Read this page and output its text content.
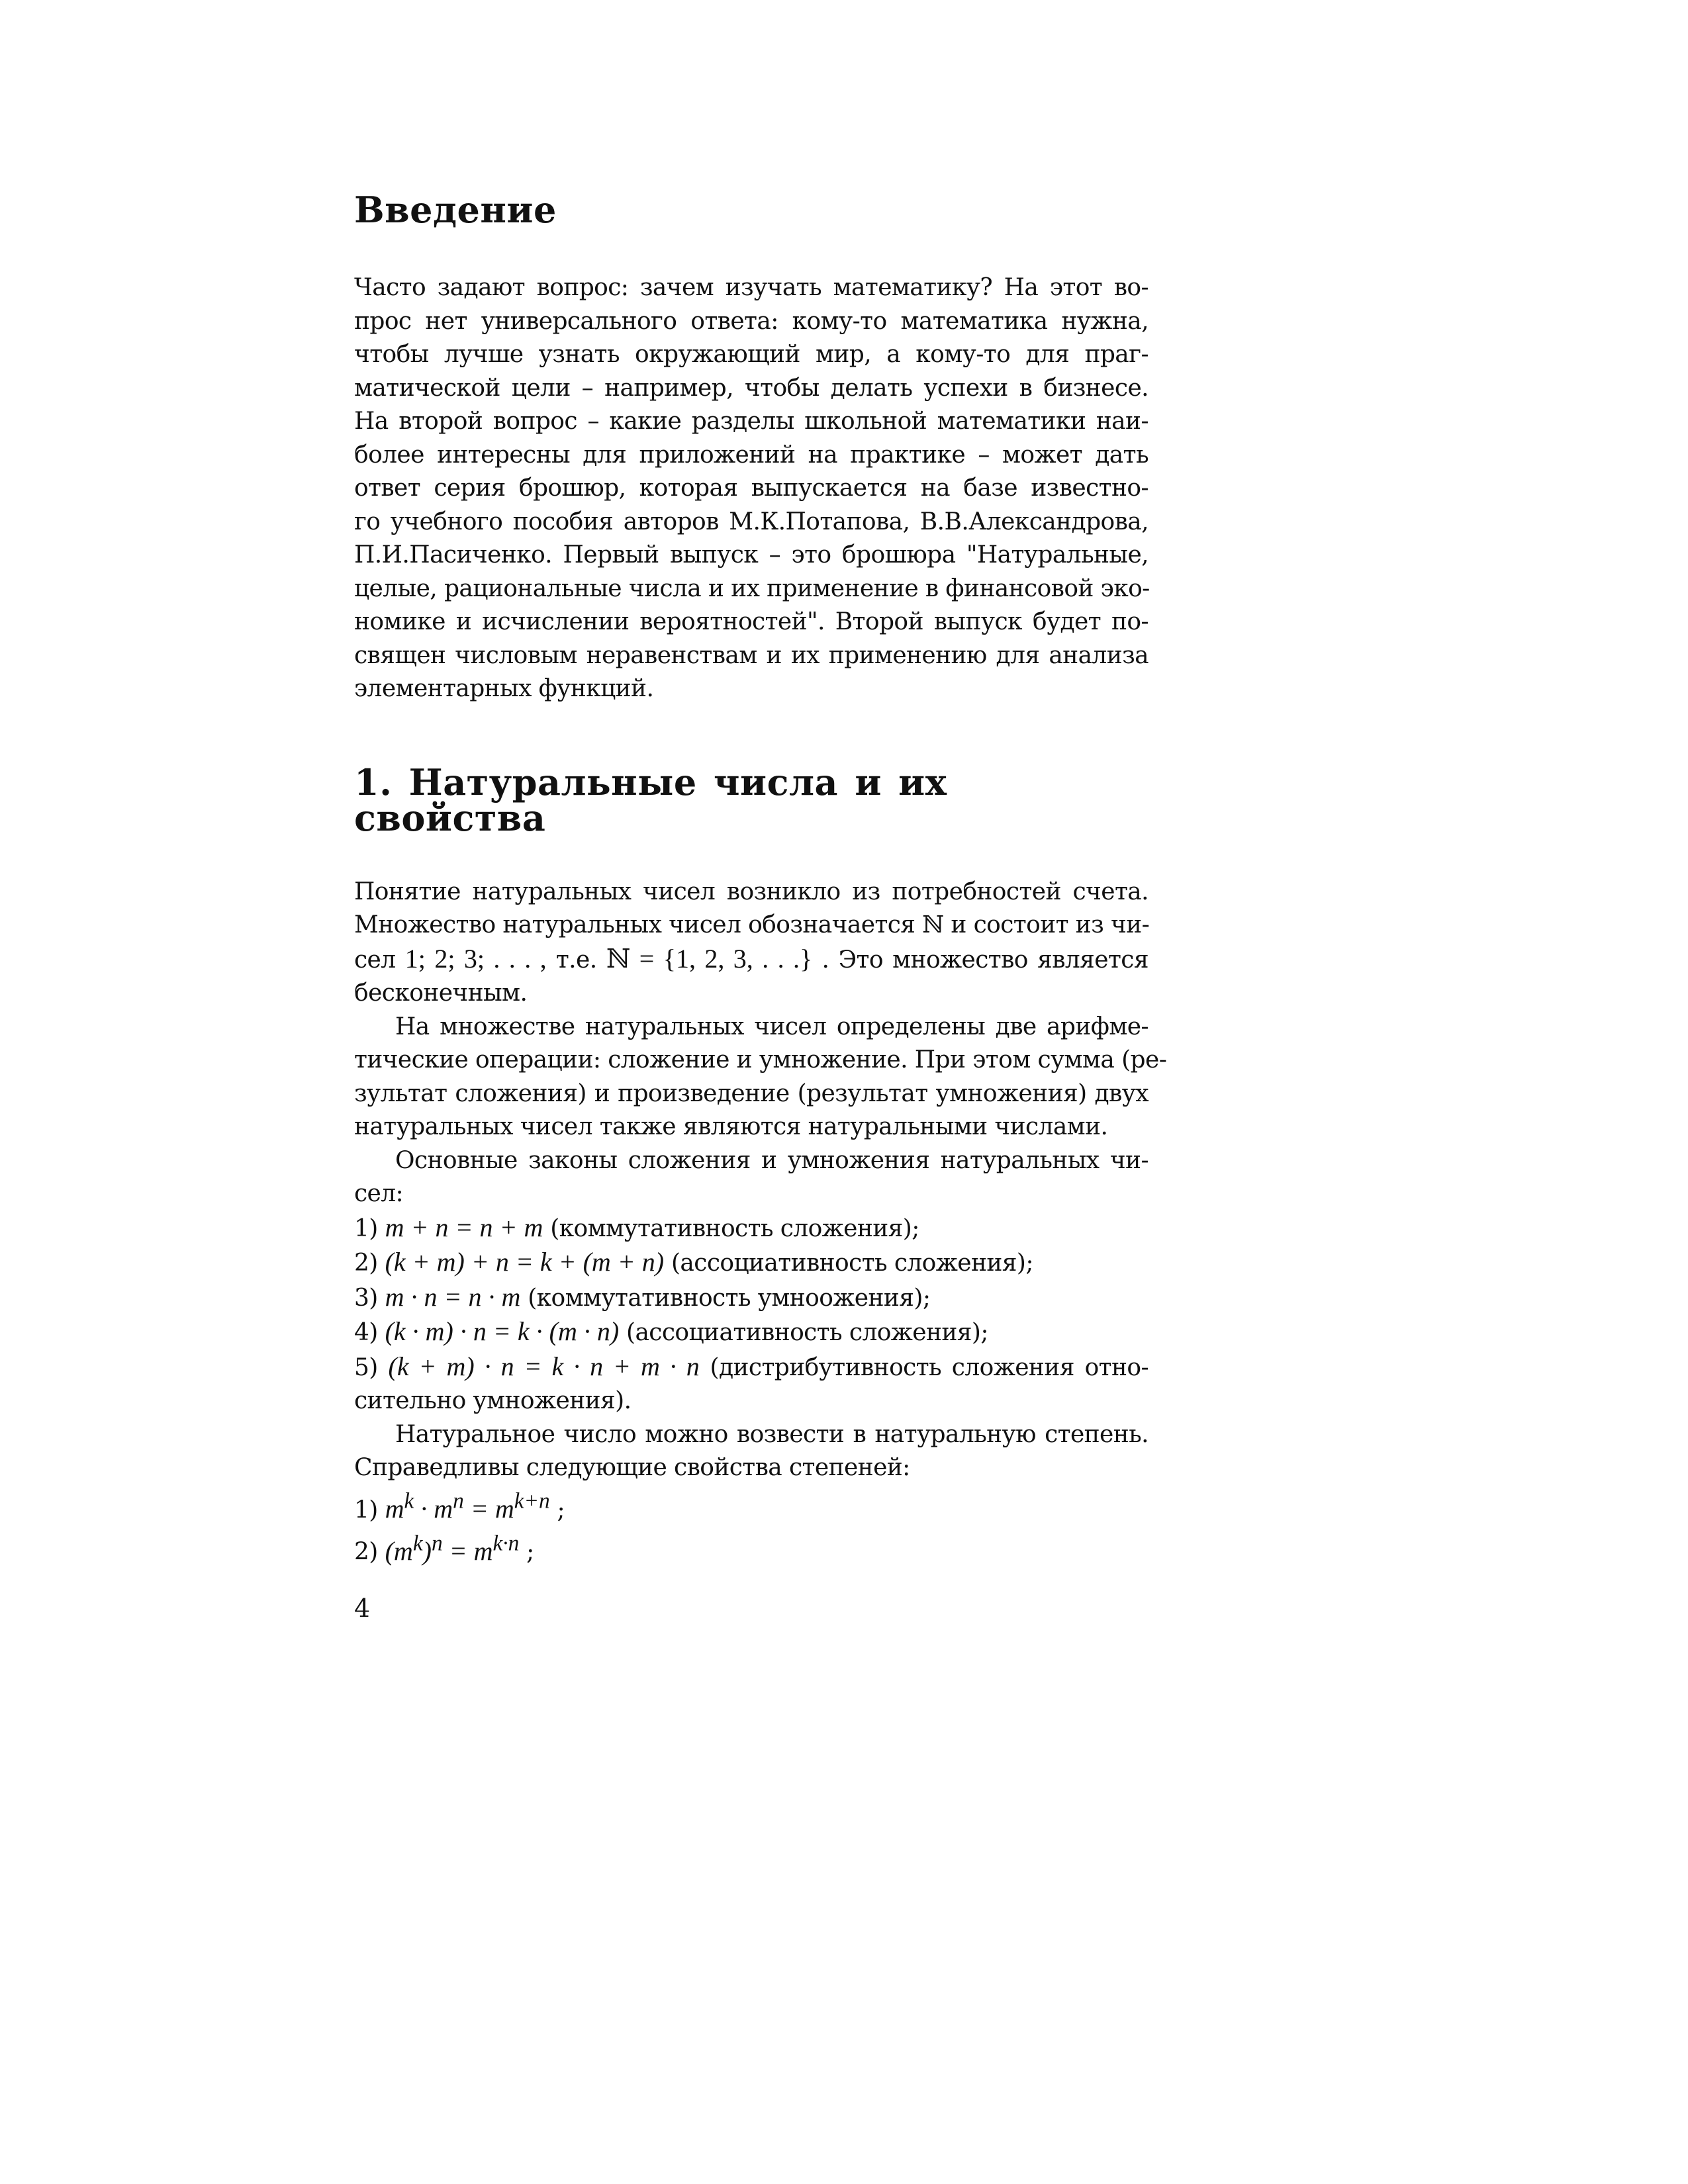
Введение
Часто задают вопрос: зачем изучать математику? На этот во-
прос нет универсального ответа: кому-то математика нужна,
чтобы лучше узнать окружающий мир, а кому-то для праг-
матической цели – например, чтобы делать успехи в бизнесе.
На второй вопрос – какие разделы школьной математики наи-
более интересны для приложений на практике – может дать
ответ серия брошюр, которая выпускается на базе известно-
го учебного пособия авторов М.К.Потапова, В.В.Александрова,
П.И.Пасиченко. Первый выпуск – это брошюра "Натуральные,
целые, рациональные числа и их применение в финансовой эко-
номике и исчислении вероятностей". Второй выпуск будет по-
священ числовым неравенствам и их применению для анализа
элементарных функций.
1. Натуральные числа и их свойства
Понятие натуральных чисел возникло из потребностей счета.
Множество натуральных чисел обозначается ℕ и состоит из чи-
сел 1; 2; 3; . . . , т.е. ℕ = {1, 2, 3, . . .} . Это множество является
бесконечным.
На множестве натуральных чисел определены две арифме-
тические операции: сложение и умножение. При этом сумма (ре-
зультат сложения) и произведение (результат умножения) двух
натуральных чисел также являются натуральными числами.
Основные законы сложения и умножения натуральных чи-
сел:
1) m + n = n + m (коммутативность сложения);
2) (k + m) + n = k + (m + n) (ассоциативность сложения);
3) m · n = n · m (коммутативность умноожения);
4) (k · m) · n = k · (m · n) (ассоциативность сложения);
5) (k + m) · n = k · n + m · n (дистрибутивность сложения отно-
сительно умножения).
Натуральное число можно возвести в натуральную степень.
Справедливы следующие свойства степеней:
1) $m^k \cdot m^n = m^{k+n}$ ;
2) $(m^k)^n = m^{k\cdot n}$ ;
4
